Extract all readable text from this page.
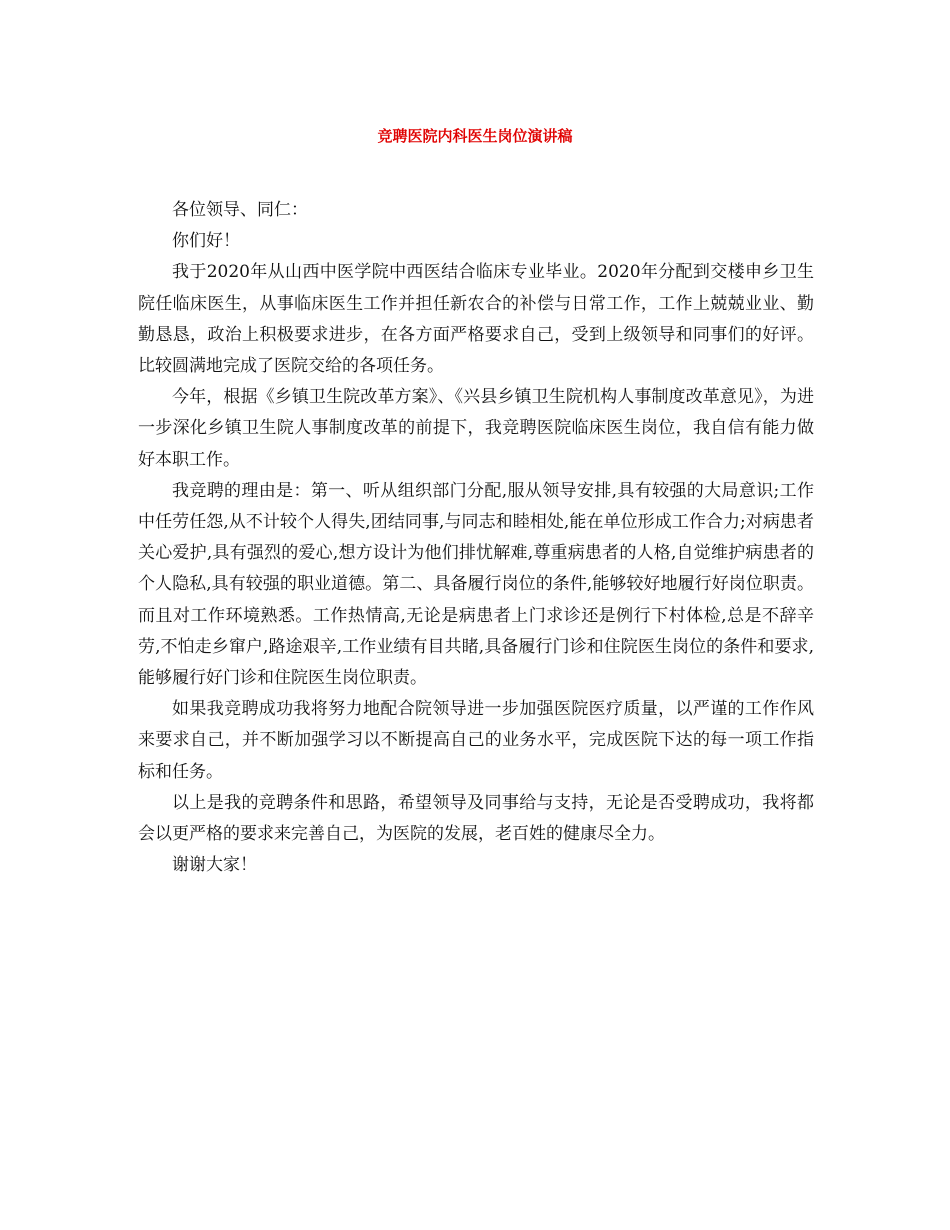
竞聘医院内科医生岗位演讲稿

各位领导、同仁：

你们好！

我于2020年从山西中医学院中西医结合临床专业毕业。2020年分配到交楼申乡卫生院任临床医生，从事临床医生工作并担任新农合的补偿与日常工作，工作上兢兢业业、勤勤恳恳，政治上积极要求进步，在各方面严格要求自己，受到上级领导和同事们的好评。比较圆满地完成了医院交给的各项任务。

今年，根据《乡镇卫生院改革方案》、《兴县乡镇卫生院机构人事制度改革意见》，为进一步深化乡镇卫生院人事制度改革的前提下，我竞聘医院临床医生岗位，我自信有能力做好本职工作。

我竞聘的理由是：第一、听从组织部门分配,服从领导安排,具有较强的大局意识;工作中任劳任怨,从不计较个人得失,团结同事,与同志和睦相处,能在单位形成工作合力;对病患者关心爱护,具有强烈的爱心,想方设计为他们排忧解难,尊重病患者的人格,自觉维护病患者的个人隐私,具有较强的职业道德。第二、具备履行岗位的条件,能够较好地履行好岗位职责。而且对工作环境熟悉。工作热情高,无论是病患者上门求诊还是例行下村体检,总是不辞辛劳,不怕走乡窜户,路途艰辛,工作业绩有目共睹,具备履行门诊和住院医生岗位的条件和要求,能够履行好门诊和住院医生岗位职责。

如果我竞聘成功我将努力地配合院领导进一步加强医院医疗质量，以严谨的工作作风来要求自己，并不断加强学习以不断提高自己的业务水平，完成医院下达的每一项工作指标和任务。

以上是我的竞聘条件和思路，希望领导及同事给与支持，无论是否受聘成功，我将都会以更严格的要求来完善自己，为医院的发展，老百姓的健康尽全力。

谢谢大家！
